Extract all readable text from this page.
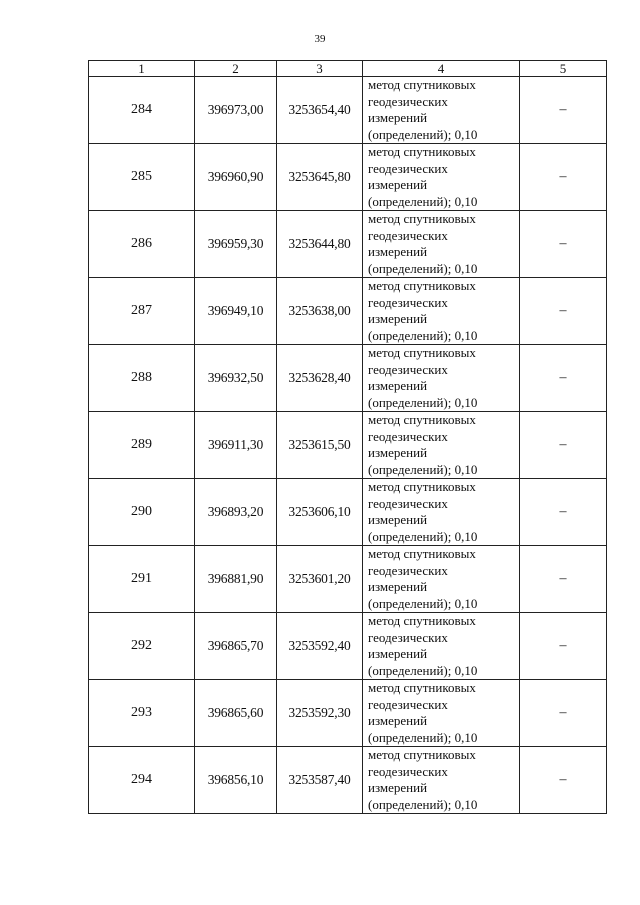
39
1	2	3	4	5
284	396973,00	3253654,40	метод спутниковых
геодезических
измерений
(определений); 0,10	–
285	396960,90	3253645,80	метод спутниковых
геодезических
измерений
(определений); 0,10	–
286	396959,30	3253644,80	метод спутниковых
геодезических
измерений
(определений); 0,10	–
287	396949,10	3253638,00	метод спутниковых
геодезических
измерений
(определений); 0,10	–
288	396932,50	3253628,40	метод спутниковых
геодезических
измерений
(определений); 0,10	–
289	396911,30	3253615,50	метод спутниковых
геодезических
измерений
(определений); 0,10	–
290	396893,20	3253606,10	метод спутниковых
геодезических
измерений
(определений); 0,10	–
291	396881,90	3253601,20	метод спутниковых
геодезических
измерений
(определений); 0,10	–
292	396865,70	3253592,40	метод спутниковых
геодезических
измерений
(определений); 0,10	–
293	396865,60	3253592,30	метод спутниковых
геодезических
измерений
(определений); 0,10	–
294	396856,10	3253587,40	метод спутниковых
геодезических
измерений
(определений); 0,10	–
